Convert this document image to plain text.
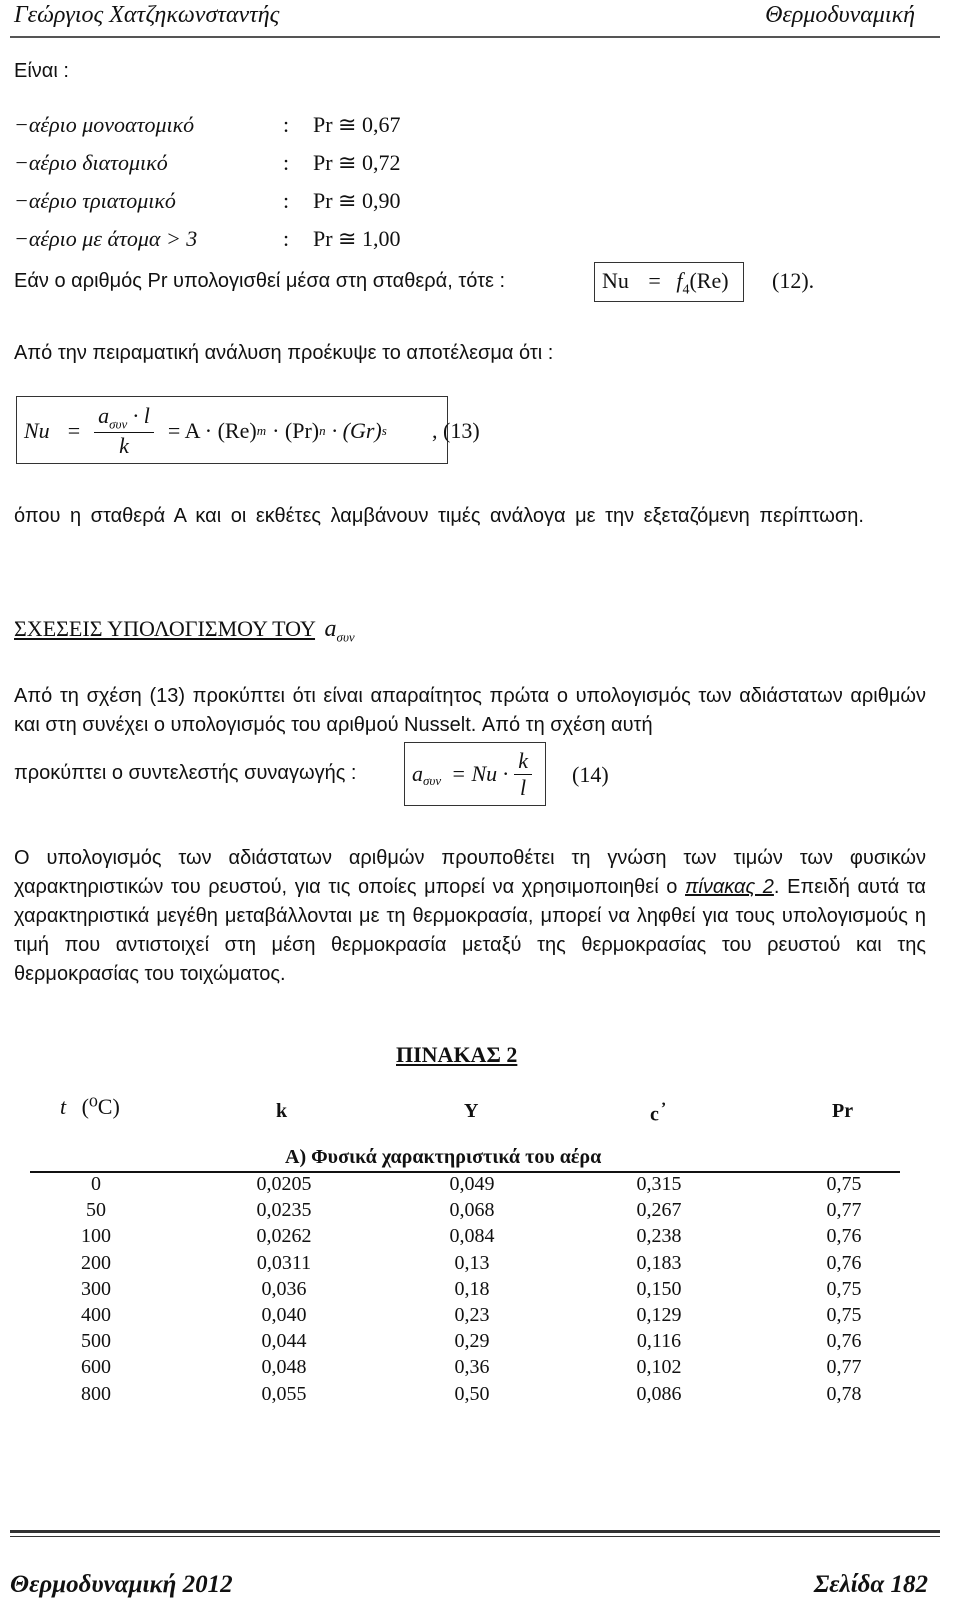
Γεώργιος Χατζηκωνσταντής	Θερμοδυναμική
Είναι :
−αέριο μονοατομικό	: Pr ≅ 0,67
−αέριο διατομικό	: Pr ≅ 0,72
−αέριο τριατομικό	: Pr ≅ 0,90
−αέριο με άτομα > 3	: Pr ≅ 1,00
Εάν ο αριθμός Pr υπολογισθεί μέσα στη σταθερά, τότε :	$Nu = f_4(Re)$ (12).
Από την πειραματική ανάλυση προέκυψε το αποτέλεσμα ότι :
$Nu = \frac{a_{\sigma\upsilon\nu} \cdot l}{k} = A \cdot (Re) m \cdot (Pr) n \cdot (Gr)$ s , (13)
όπου η σταθερά Α και οι εκθέτες λαμβάνουν τιμές ανάλογα με την εξεταζόμενη περίπτωση.
ΣΧΕΣΕΙΣ ΥΠΟΛΟΓΙΣΜΟΥ ΤΟΥ $a_{\sigma\upsilon\nu}$
Από τη σχέση (13) προκύπτει ότι είναι απαραίτητος πρώτα ο υπολογισμός των αδιάστατων αριθμών και στη συνέχει ο υπολογισμός του αριθμού Nusselt. Από τη σχέση αυτή
προκύπτει ο συντελεστής συναγωγής :	$a_{\sigma\upsilon\nu} = Nu \cdot \frac{k}{l} (14)$
Ο υπολογισμός των αδιάστατων αριθμών προυποθέτει τη γνώση των τιμών των φυσικών χαρακτηριστικών του ρευστού, για τις οποίες μπορεί να χρησιμοποιηθεί ο πίνακας 2. Επειδή αυτά τα χαρακτηριστικά μεγέθη μεταβάλλονται με τη θερμοκρασία, μπορεί να ληφθεί για τους υπολογισμούς η τιμή που αντιστοιχεί στη μέση θερμοκρασία μεταξύ της θερμοκρασίας του ρευστού και της θερμοκρασίας του τοιχώματος.
ΠΙΝΑΚΑΣ 2
t (⁰C)	k	Y	c ’	Pr
Α) Φυσικά χαρακτηριστικά του αέρα
0	0,0205	0,049	0,315	0,75
50	0,0235	0,068	0,267	0,77
100	0,0262	0,084	0,238	0,76
200	0,0311	0,13	0,183	0,76
300	0,036	0,18	0,150	0,75
400	0,040	0,23	0,129	0,75
500	0,044	0,29	0,116	0,76
600	0,048	0,36	0,102	0,77
800	0,055	0,50	0,086	0,78
Θερμοδυναμική 2012	Σελίδα 182
